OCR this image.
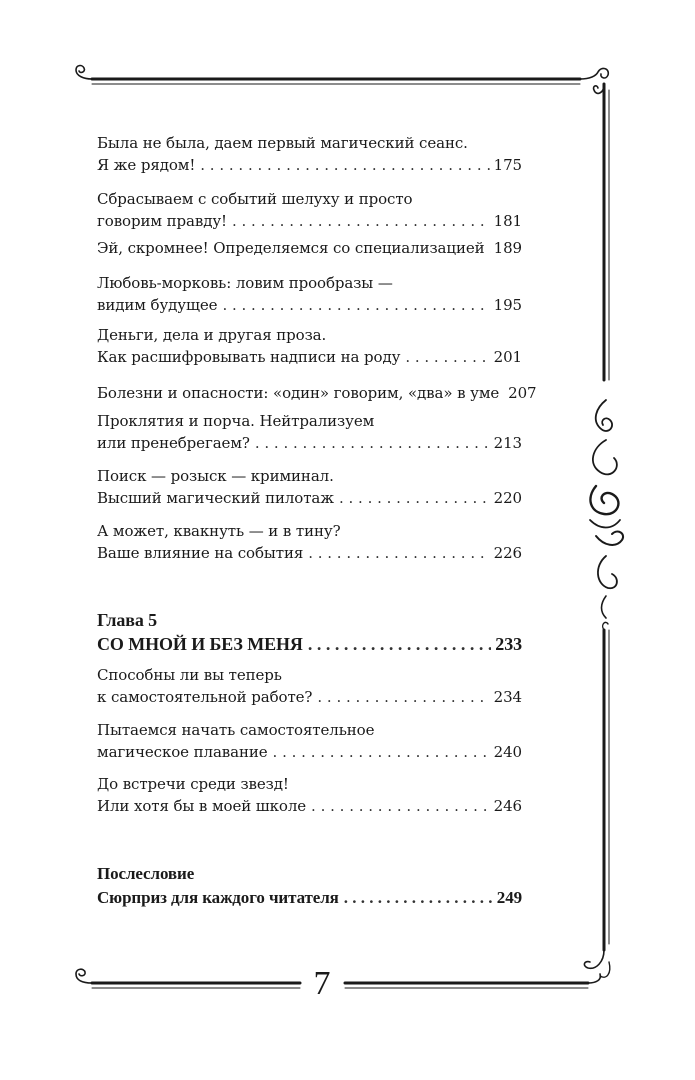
Была не была, даем первый магический сеанс.
Я же рядом! . . .	175
Сбрасываем с событий шелуху и просто
говорим правду! . . .	181
Эй, скромнее! Определяемся со специализацией . . . 189
Любовь-морковь: ловим прообразы —
видим будущее . . .	195
Деньги, дела и другая проза.
Как расшифровывать надписи на роду . . .	201
Болезни и опасности: «один» говорим, «два» в уме 207
Проклятия и порча. Нейтрализуем
или пренебрегаем? . . .	213
Поиск — розыск — криминал.
Высший магический пилотаж . . .	220
А может, квакнуть — и в тину?
Ваше влияние на события . . .	226
Глава 5
СО МНОЙ И БЕЗ МЕНЯ . . .	233
Способны ли вы теперь
к самостоятельной работе? . . .	234
Пытаемся начать самостоятельное
магическое плавание . . .	240
До встречи среди звезд!
Или хотя бы в моей школе . . .	246
Послесловие
Сюрприз для каждого читателя . . .	249
7
